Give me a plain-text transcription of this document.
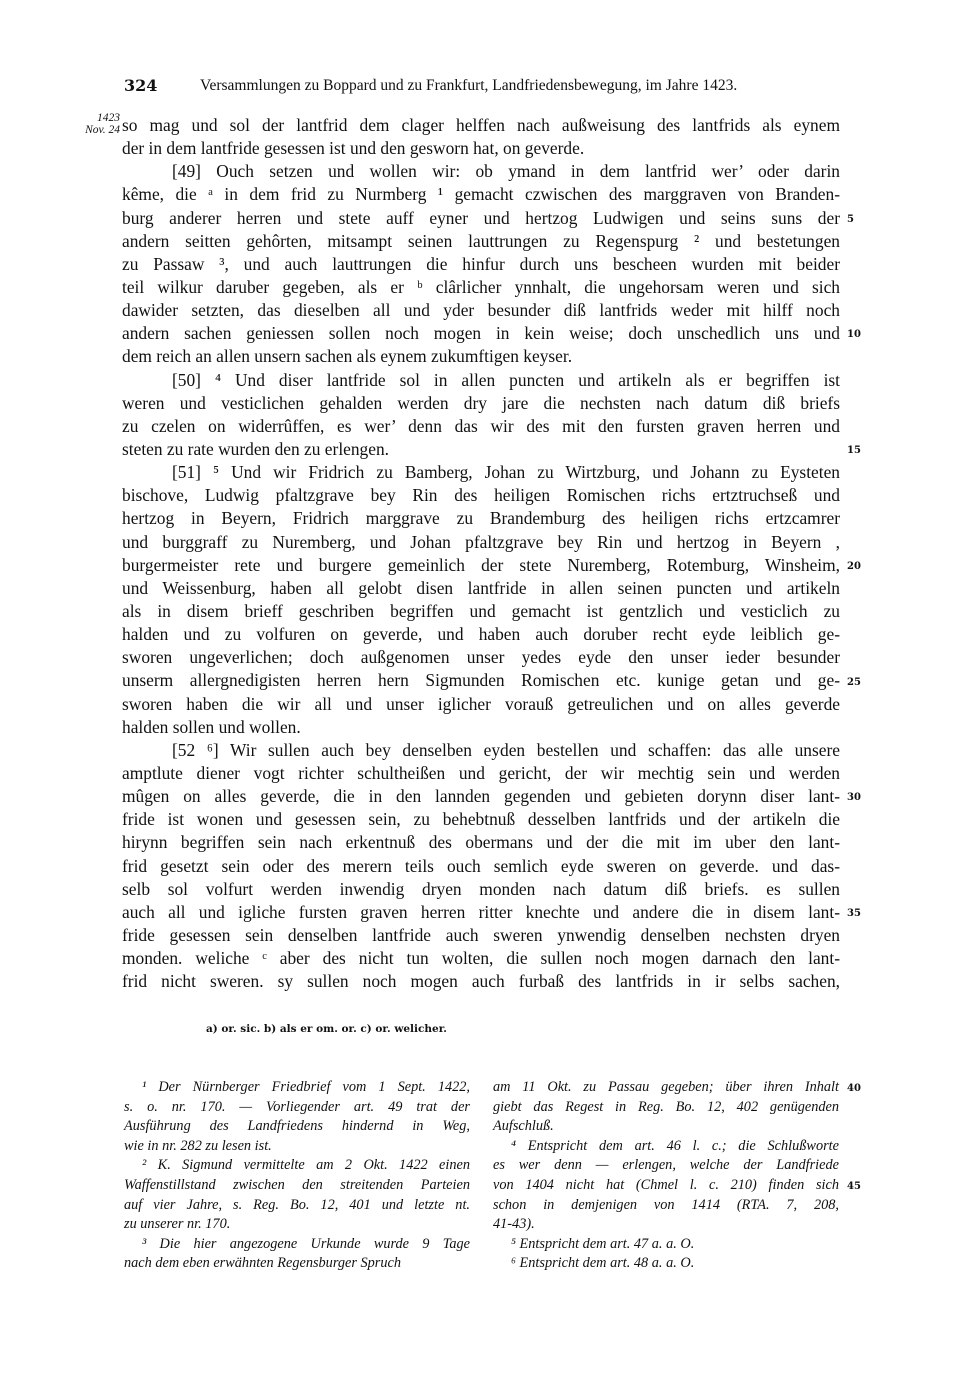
324	Versammlungen zu Boppard und zu Frankfurt, Landfriedensbewegung, im Jahre 1423.
1423
Nov. 24 so mag und sol der lantfrid dem clager helffen nach außweisung des lantfrids als eynem
der in dem lantfride gesessen ist und den gesworn hat, on geverde.
[49] Ouch setzen und wollen wir: ob ymand in dem lantfrid wer’ oder darin
kême, die ᵃ in dem frid zu Nurmberg ¹ gemacht czwischen des marggraven von Branden-
burg anderer herren und stete auff eyner und hertzog Ludwigen und seins suns der
andern seitten gehôrten, mitsampt seinen lauttrungen zu Regenspurg ² und bestetungen
zu Passaw ³, und auch lauttrungen die hinfur durch uns bescheen wurden mit beider
teil wilkur daruber gegeben, als er ᵇ clârlicher ynnhalt, die ungehorsam weren und sich
dawider setzten, das dieselben all und yder besunder diß lantfrids weder mit hilff noch
andern sachen geniessen sollen noch mogen in kein weise; doch unschedlich uns und
dem reich an allen unsern sachen als eynem zukumftigen keyser.
[50] ⁴ Und diser lantfride sol in allen puncten und artikeln als er begriffen ist
weren und vesticlichen gehalden werden dry jare die nechsten nach datum diß briefs
zu czelen on widerrûffen, es wer’ denn das wir des mit den fursten graven herren und
steten zu rate wurden den zu erlengen.
[51] ⁵ Und wir Fridrich zu Bamberg, Johan zu Wirtzburg, und Johann zu Eysteten
bischove, Ludwig pfaltzgrave bey Rin des heiligen Romischen richs ertztruchseß und
hertzog in Beyern, Fridrich marggrave zu Brandemburg des heiligen richs ertzcamrer
und burggraff zu Nuremberg, und Johan pfaltzgrave bey Rin und hertzog in Beyern ,
burgermeister rete und burgere gemeinlich der stete Nuremberg, Rotemburg, Winsheim,
und Weissenburg, haben all gelobt disen lantfride in allen seinen puncten und artikeln
als in disem brieff geschriben begriffen und gemacht ist gentzlich und vesticlich zu
halden und zu volfuren on geverde, und haben auch doruber recht eyde leiblich ge-
sworen ungeverlichen; doch außgenomen unser yedes eyde den unser ieder besunder
unserm allergnedigisten herren hern Sigmunden Romischen etc. kunige getan und ge-
sworen haben die wir all und unser iglicher vorauß getreulichen und on alles geverde
halden sollen und wollen.
[52 ⁶] Wir sullen auch bey denselben eyden bestellen und schaffen: das alle unsere
amptlute diener vogt richter schultheißen und gericht, der wir mechtig sein und werden
mûgen on alles geverde, die in den lannden gegenden und gebieten dorynn diser lant-
fride ist wonen und gesessen sein, zu behebtnuß desselben lantfrids und der artikeln die
hirynn begriffen sein nach erkentnuß des obermans und der die mit im uber den lant-
frid gesetzt sein oder des merern teils ouch semlich eyde sweren on geverde. und das-
selb sol volfurt werden inwendig dryen monden nach datum diß briefs. es sullen
auch all und igliche fursten graven herren ritter knechte und andere die in disem lant-
fride gesessen sein denselben lantfride auch sweren ynwendig denselben nechsten dryen
monden. weliche ᶜ aber des nicht tun wolten, die sullen noch mogen darnach den lant-
frid nicht sweren. sy sullen noch mogen auch furbaß des lantfrids in ir selbs sachen,
5
10
15
20
25
30
35
a) or. sic. b) als er om. or. c) or. welicher.
¹ Der Nürnberger Friedbrief vom 1 Sept. 1422,
s. o. nr. 170. — Vorliegender art. 49 trat der
Ausführung des Landfriedens hindernd in Weg,
wie in nr. 282 zu lesen ist.
² K. Sigmund vermittelte am 2 Okt. 1422 einen
Waffenstillstand zwischen den streitenden Parteien
auf vier Jahre, s. Reg. Bo. 12, 401 und letzte nt.
zu unserer nr. 170.
³ Die hier angezogene Urkunde wurde 9 Tage
nach dem eben erwähnten Regensburger Spruch
am 11 Okt. zu Passau gegeben; über ihren Inhalt
giebt das Regest in Reg. Bo. 12, 402 genügenden
Aufschluß.
⁴ Entspricht dem art. 46 l. c.; die Schlußworte
es wer denn — erlengen, welche der Landfriede
von 1404 nicht hat (Chmel l. c. 210) finden sich
schon in demjenigen von 1414 (RTA. 7, 208,
41-43).
⁵ Entspricht dem art. 47 a. a. O.
⁶ Entspricht dem art. 48 a. a. O.
40
45
